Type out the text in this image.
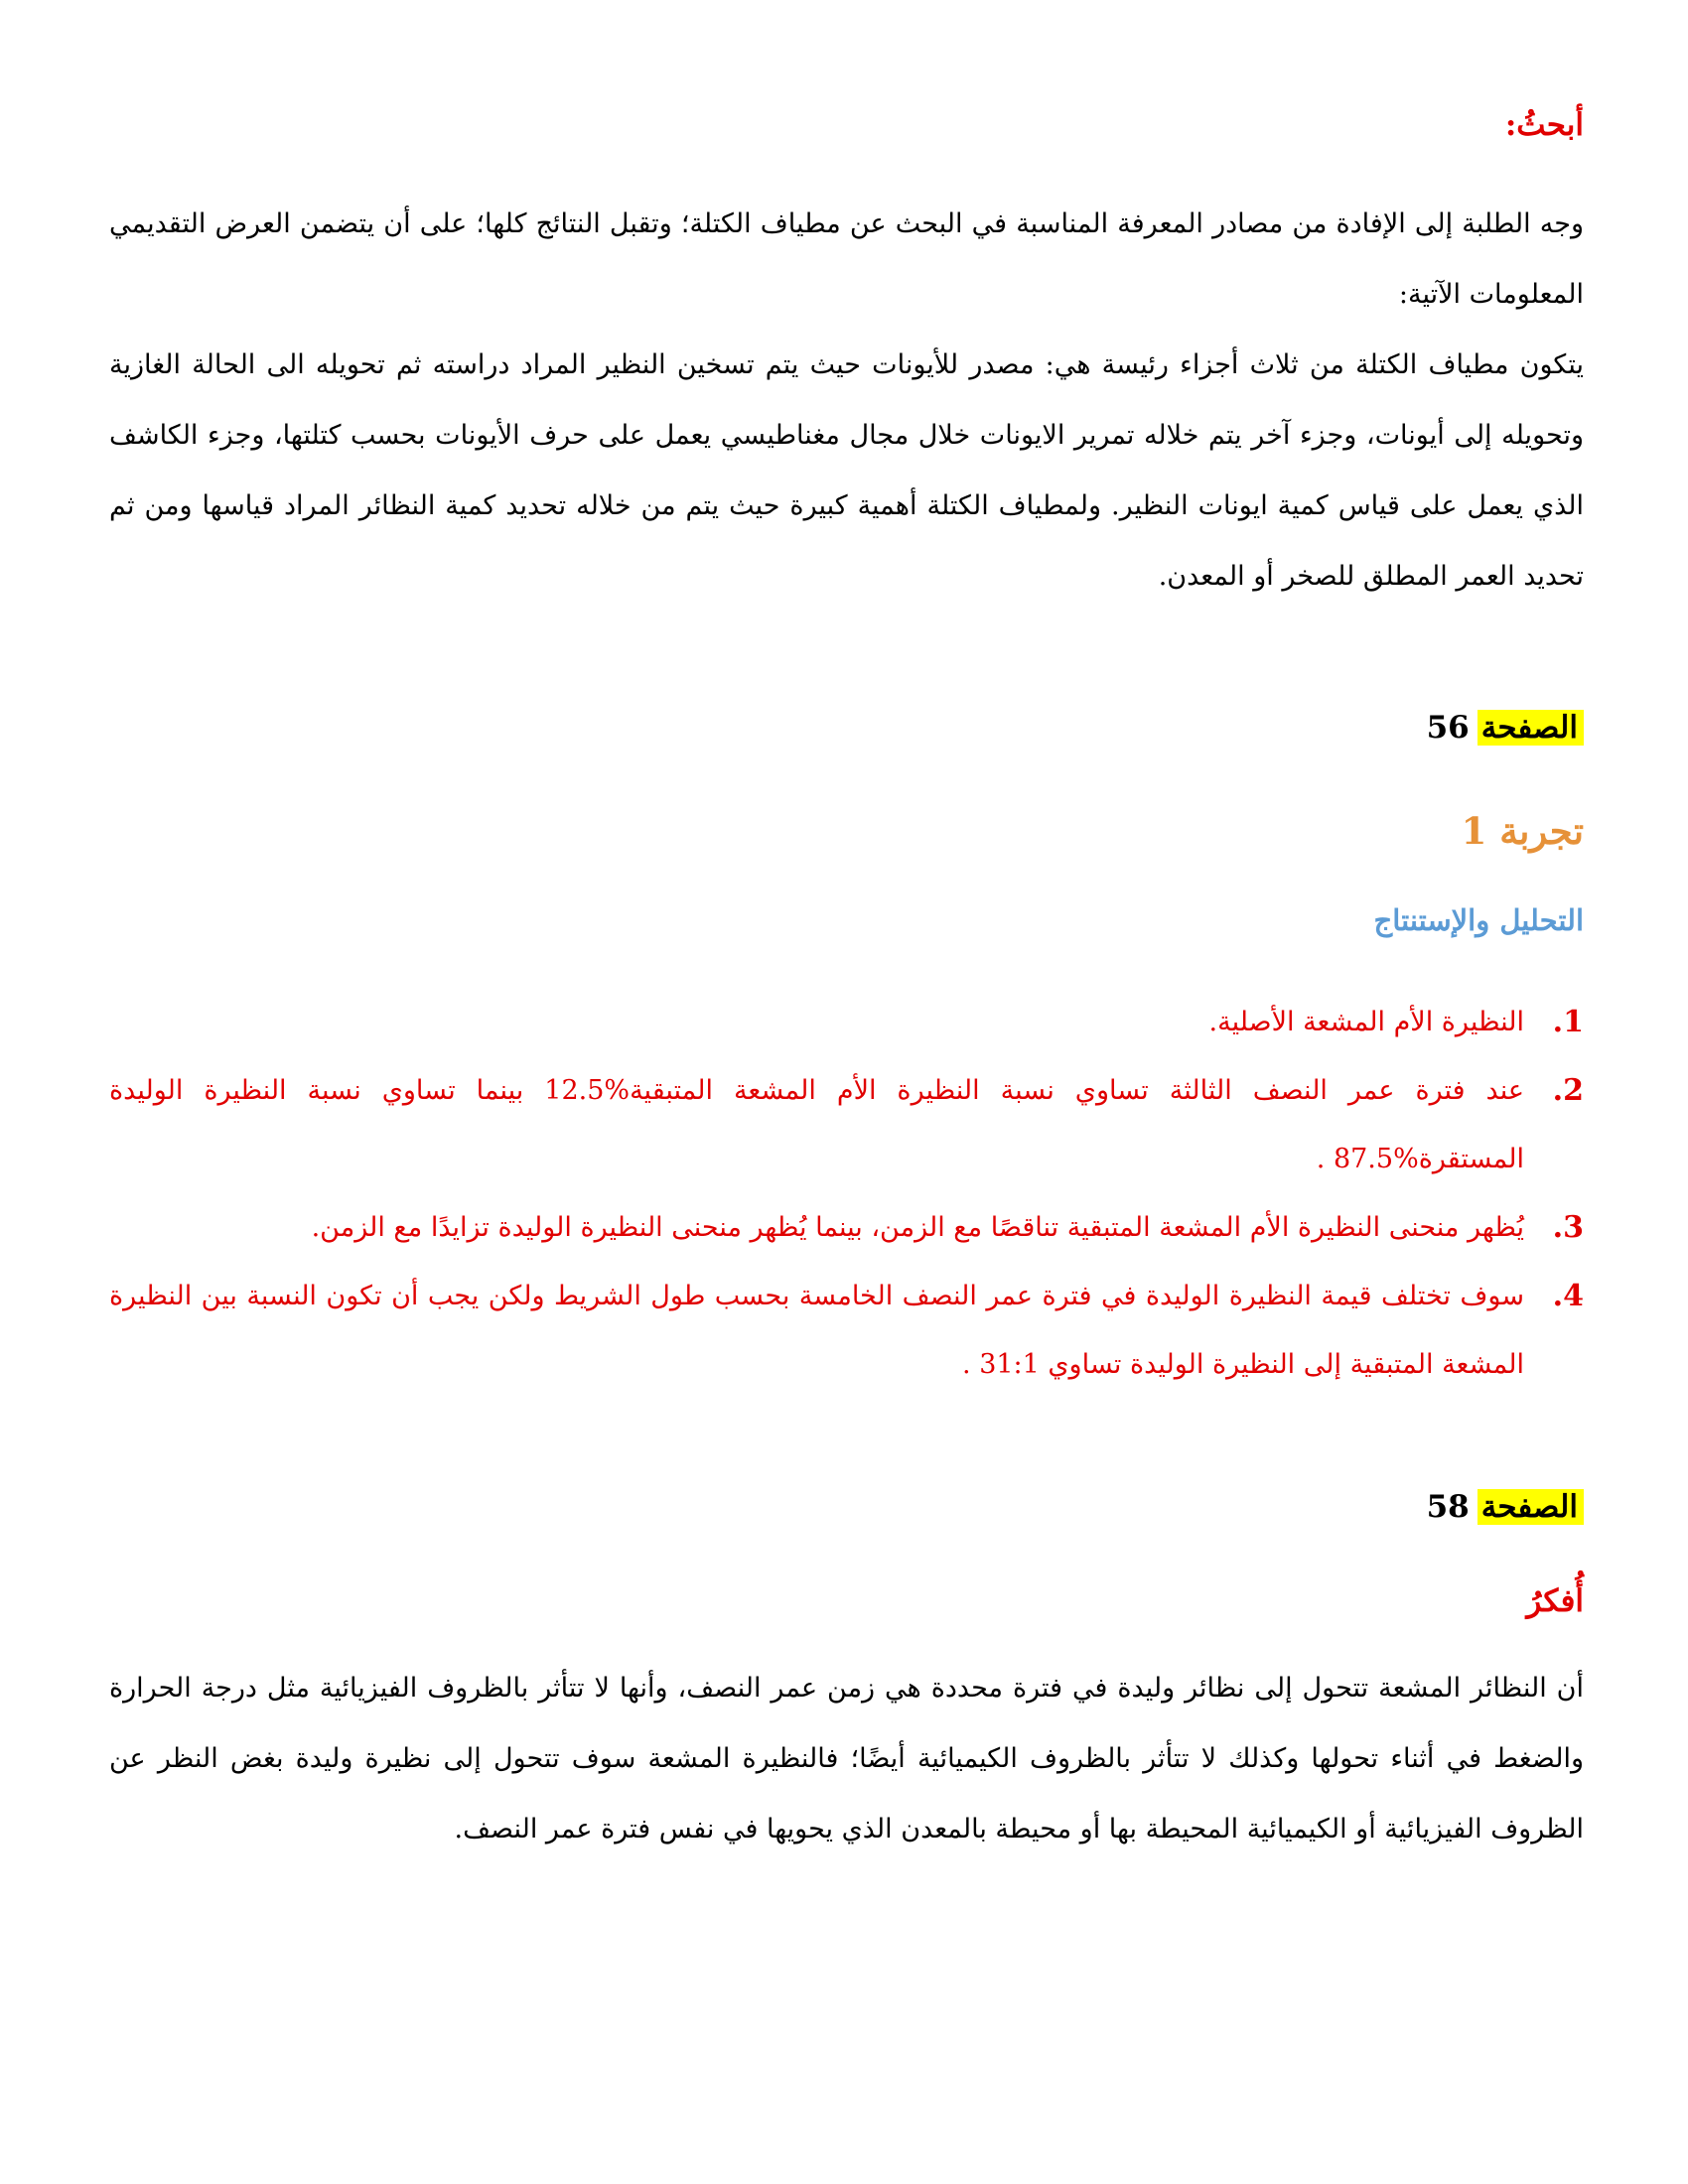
أبحثُ:

وجه الطلبة إلى الإفادة من مصادر المعرفة المناسبة في البحث عن مطياف الكتلة؛ وتقبل النتائج كلها؛ على أن يتضمن العرض التقديمي المعلومات الآتية:

يتكون مطياف الكتلة من ثلاث أجزاء رئيسة هي: مصدر للأيونات حيث يتم تسخين النظير المراد دراسته ثم تحويله الى الحالة الغازية وتحويله إلى أيونات، وجزء آخر يتم خلاله تمرير الايونات خلال مجال مغناطيسي يعمل على حرف الأيونات بحسب كتلتها، وجزء الكاشف الذي يعمل على قياس كمية ايونات النظير. ولمطياف الكتلة أهمية كبيرة حيث يتم من خلاله تحديد كمية النظائر المراد قياسها ومن ثم تحديد العمر المطلق للصخر أو المعدن.

الصفحة56
تجربة 1
التحليل والإستنتاج
1.
النظيرة الأم المشعة الأصلية.
2.
عند فترة عمر النصف الثالثة تساوي نسبة النظيرة الأم المشعة المتبقية%12.5 بينما تساوي نسبة النظيرة الوليدة المستقرة%87.5 .
3.
يُظهر منحنى النظيرة الأم المشعة المتبقية تناقصًا مع الزمن، بينما يُظهر منحنى النظيرة الوليدة تزايدًا مع الزمن.
4.
سوف تختلف قيمة النظيرة الوليدة في فترة عمر النصف الخامسة بحسب طول الشريط ولكن يجب أن تكون النسبة بين النظيرة المشعة المتبقية إلى النظيرة الوليدة تساوي 31:1 .
الصفحة58
أُفكرُ

أن النظائر المشعة تتحول إلى نظائر وليدة في فترة محددة هي زمن عمر النصف، وأنها لا تتأثر بالظروف الفيزيائية مثل درجة الحرارة والضغط في أثناء تحولها وكذلك لا تتأثر بالظروف الكيميائية أيضًا؛ فالنظيرة المشعة سوف تتحول إلى نظيرة وليدة بغض النظر عن الظروف الفيزيائية أو الكيميائية المحيطة بها أو محيطة بالمعدن الذي يحويها في نفس فترة عمر النصف.
